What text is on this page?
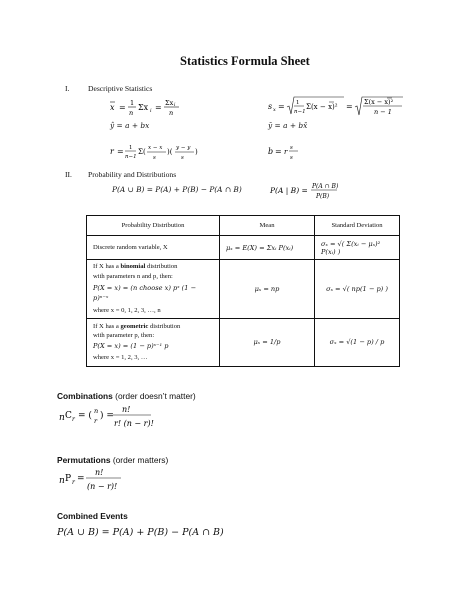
Statistics Formula Sheet
I. Descriptive Statistics
x = 1
n
Σx i = Σx i
n
s x = 1
n−1
Σ(x − x)² = Σ(x − x)²
n − 1
ŷ = a + bx	ȳ = a + bx̄
r = 1
n−1
Σ( x − x
s
)( y − y
s
)	b = r s
s
II. Probability and Distributions
P(A ∪ B) = P(A) + P(B) − P(A ∩ B)	P(A | B) = P(A ∩ B)
P(B)
Probability Distribution	Mean	Standard Deviation
Discrete random variable, X	μₓ = E(X) = Σxᵢ P(xᵢ)	σₓ = √( Σ(xᵢ − μₓ)² P(xᵢ) )

If X has a binomial distribution
with parameters n and p, then:
P(X = x) = (n choose x) pˣ (1 − p)ⁿ⁻ˣ
where x = 0, 1, 2, 3, …, n	μₓ = np	σₓ = √( np(1 − p) )

If X has a geometric distribution
with parameter p, then:
P(X = x) = (1 − p)ˣ⁻¹ p
where x = 1, 2, 3, …	μₓ = 1/p	σₓ = √(1 − p) / p
Combinations (order doesn’t matter)
n C r = ( n
r ) =
n!
r! (n − r)!
Permutations (order matters)
n P r =
n!
(n − r)!
Combined Events
P(A ∪ B) = P(A) + P(B) − P(A ∩ B)
